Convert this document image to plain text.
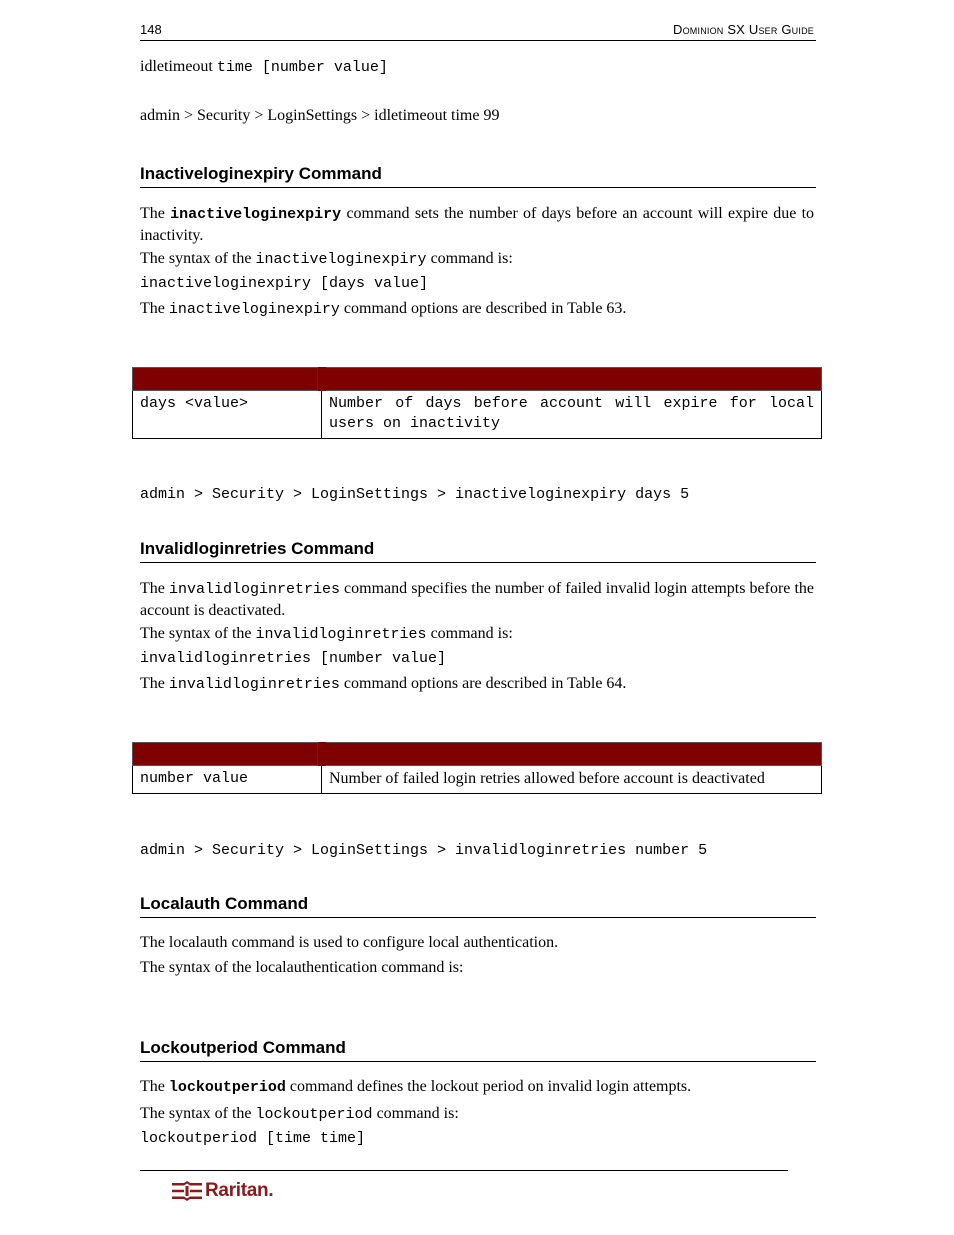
148	Dominion SX User Guide
idletimeout time [number value]
admin > Security > LoginSettings > idletimeout time 99
Inactiveloginexpiry Command
The inactiveloginexpiry command sets the number of days before an account will expire due to inactivity.
The syntax of the inactiveloginexpiry command is:
inactiveloginexpiry [days value]
The inactiveloginexpiry command options are described in Table 63.

days <value>	Number of days before account will expire for local users on inactivity
admin > Security > LoginSettings > inactiveloginexpiry days 5
Invalidloginretries Command
The invalidloginretries command specifies the number of failed invalid login attempts before the account is deactivated.
The syntax of the invalidloginretries command is:
invalidloginretries [number value]
The invalidloginretries command options are described in Table 64.

number value	Number of failed login retries allowed before account is deactivated
admin > Security > LoginSettings > invalidloginretries number 5
Localauth Command
The localauth command is used to configure local authentication.
The syntax of the localauthentication command is:
Lockoutperiod Command
The lockoutperiod command defines the lockout period on invalid login attempts.
The syntax of the lockoutperiod command is:
lockoutperiod [time time]
Raritan.
